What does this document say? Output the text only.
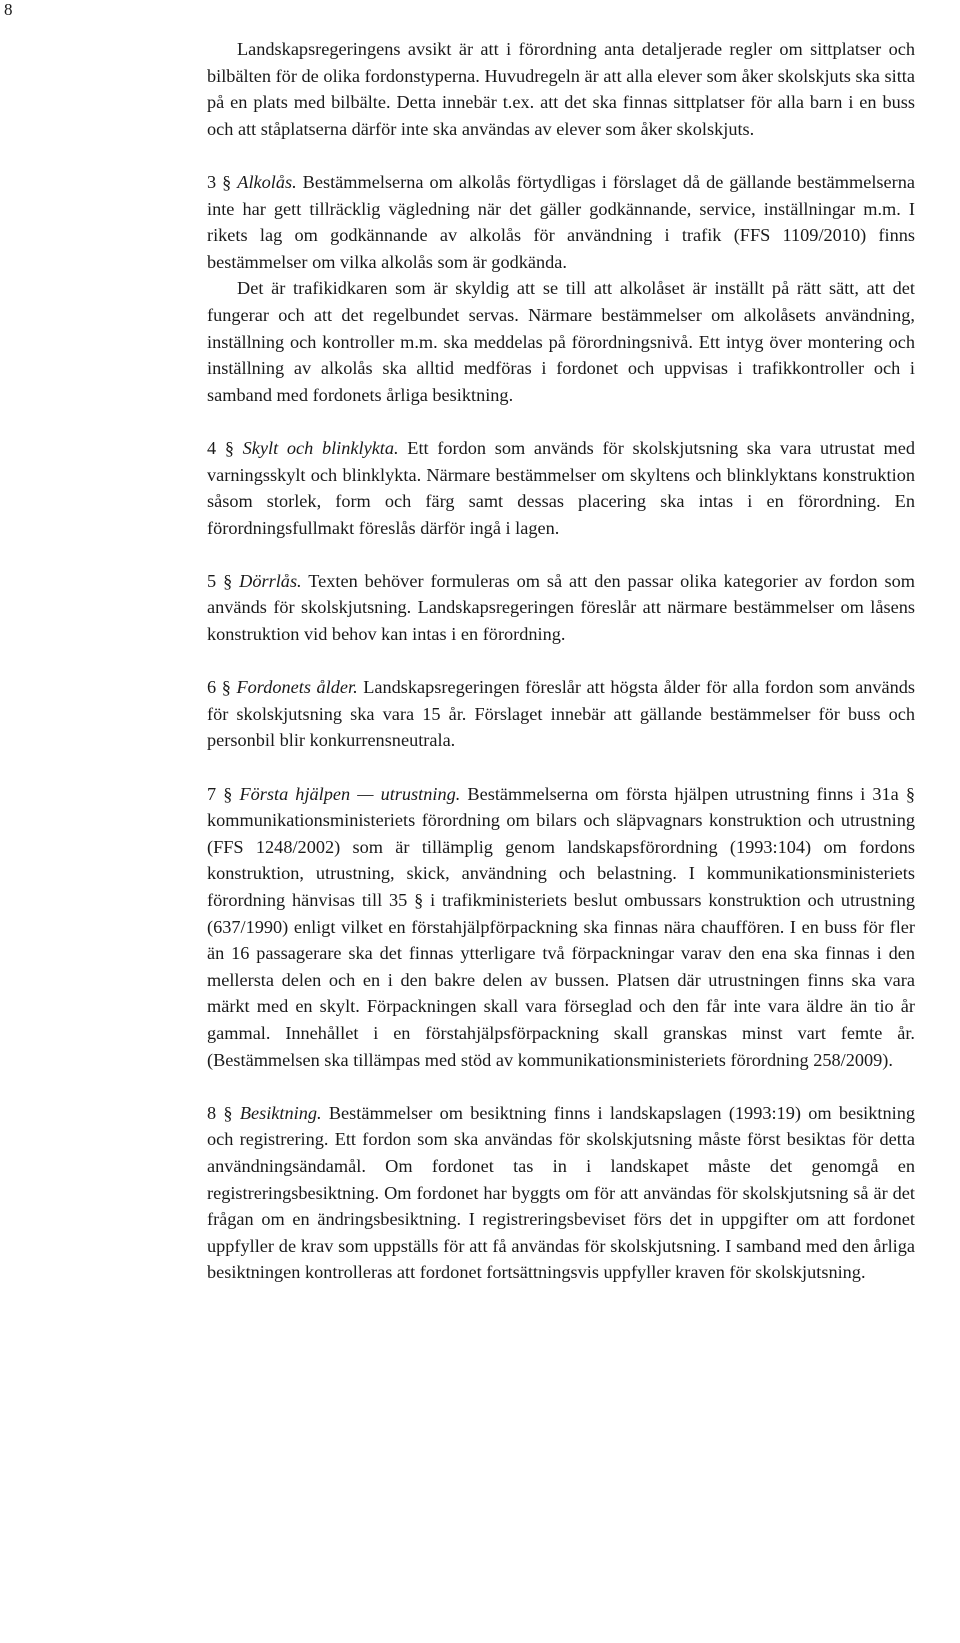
8

Landskapsregeringens avsikt är att i förordning anta detaljerade regler om sittplatser och bilbälten för de olika fordonstyperna. Huvudregeln är att alla elever som åker skolskjuts ska sitta på en plats med bilbälte. Detta innebär t.ex. att det ska finnas sittplatser för alla barn i en buss och att ståplatserna därför inte ska användas av elever som åker skolskjuts.

3 § Alkolås. Bestämmelserna om alkolås förtydligas i förslaget då de gällande bestämmelserna inte har gett tillräcklig vägledning när det gäller godkännande, service, inställningar m.m. I rikets lag om godkännande av alkolås för användning i trafik (FFS 1109/2010) finns bestämmelser om vilka alkolås som är godkända.

Det är trafikidkaren som är skyldig att se till att alkolåset är inställt på rätt sätt, att det fungerar och att det regelbundet servas. Närmare bestämmelser om alkolåsets användning, inställning och kontroller m.m. ska meddelas på förordningsnivå. Ett intyg över montering och inställning av alkolås ska alltid medföras i fordonet och uppvisas i trafikkontroller och i samband med fordonets årliga besiktning.

4 § Skylt och blinklykta. Ett fordon som används för skolskjutsning ska vara utrustat med varningsskylt och blinklykta. Närmare bestämmelser om skyltens och blinklyktans konstruktion såsom storlek, form och färg samt dessas placering ska intas i en förordning. En förordningsfullmakt föreslås därför ingå i lagen.

5 § Dörrlås. Texten behöver formuleras om så att den passar olika kategorier av fordon som används för skolskjutsning. Landskapsregeringen föreslår att närmare bestämmelser om låsens konstruktion vid behov kan intas i en förordning.

6 § Fordonets ålder. Landskapsregeringen föreslår att högsta ålder för alla fordon som används för skolskjutsning ska vara 15 år. Förslaget innebär att gällande bestämmelser för buss och personbil blir konkurrensneutrala.

7 § Första hjälpen — utrustning. Bestämmelserna om första hjälpen utrustning finns i 31a § kommunikationsministeriets förordning om bilars och släpvagnars konstruktion och utrustning (FFS 1248/2002) som är tillämplig genom landskapsförordning (1993:104) om fordons konstruktion, utrustning, skick, användning och belastning. I kommunikationsministeriets förordning hänvisas till 35 § i trafikministeriets beslut ombussars konstruktion och utrustning (637/1990) enligt vilket en förstahjälpförpackning ska finnas nära chauffören. I en buss för fler än 16 passagerare ska det finnas ytterligare två förpackningar varav den ena ska finnas i den mellersta delen och en i den bakre delen av bussen. Platsen där utrustningen finns ska vara märkt med en skylt. Förpackningen skall vara förseglad och den får inte vara äldre än tio år gammal. Innehållet i en förstahjälpsförpackning skall granskas minst vart femte år. (Bestämmelsen ska tillämpas med stöd av kommunikationsministeriets förordning 258/2009).

8 § Besiktning. Bestämmelser om besiktning finns i landskapslagen (1993:19) om besiktning och registrering. Ett fordon som ska användas för skolskjutsning måste först besiktas för detta användningsändamål. Om fordonet tas in i landskapet måste det genomgå en registreringsbesiktning. Om fordonet har byggts om för att användas för skolskjutsning så är det frågan om en ändringsbesiktning. I registreringsbeviset förs det in uppgifter om att fordonet uppfyller de krav som uppställs för att få användas för skolskjutsning. I samband med den årliga besiktningen kontrolleras att fordonet fortsättningsvis uppfyller kraven för skolskjutsning.
